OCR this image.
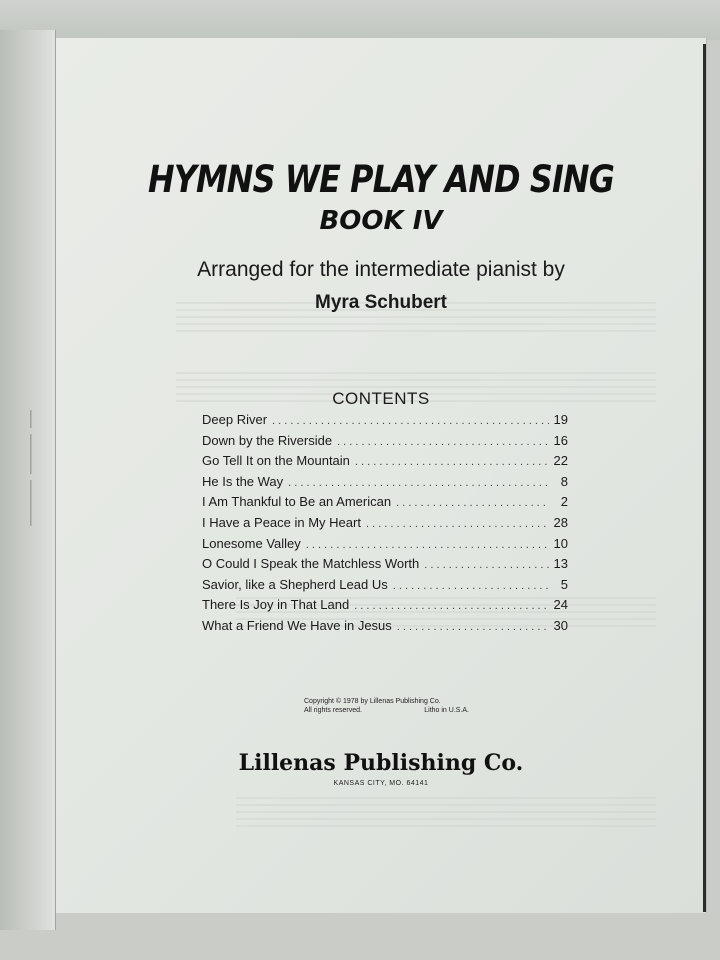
HYMNS WE PLAY AND SING
BOOK IV
Arranged for the intermediate pianist by
Myra Schubert
CONTENTS
Deep River . . .	19
Down by the Riverside . . .	16
Go Tell It on the Mountain . . .	22
He Is the Way . . .	8
I Am Thankful to Be an American . . .	2
I Have a Peace in My Heart . . .	28
Lonesome Valley . . .	10
O Could I Speak the Matchless Worth . . .	13
Savior, like a Shepherd Lead Us . . .	5
There Is Joy in That Land . . .	24
What a Friend We Have in Jesus . . .	30
Copyright © 1978 by Lillenas Publishing Co.
All rights reserved.	Litho in U.S.A.
Lillenas Publishing Co.
KANSAS CITY, MO. 64141
